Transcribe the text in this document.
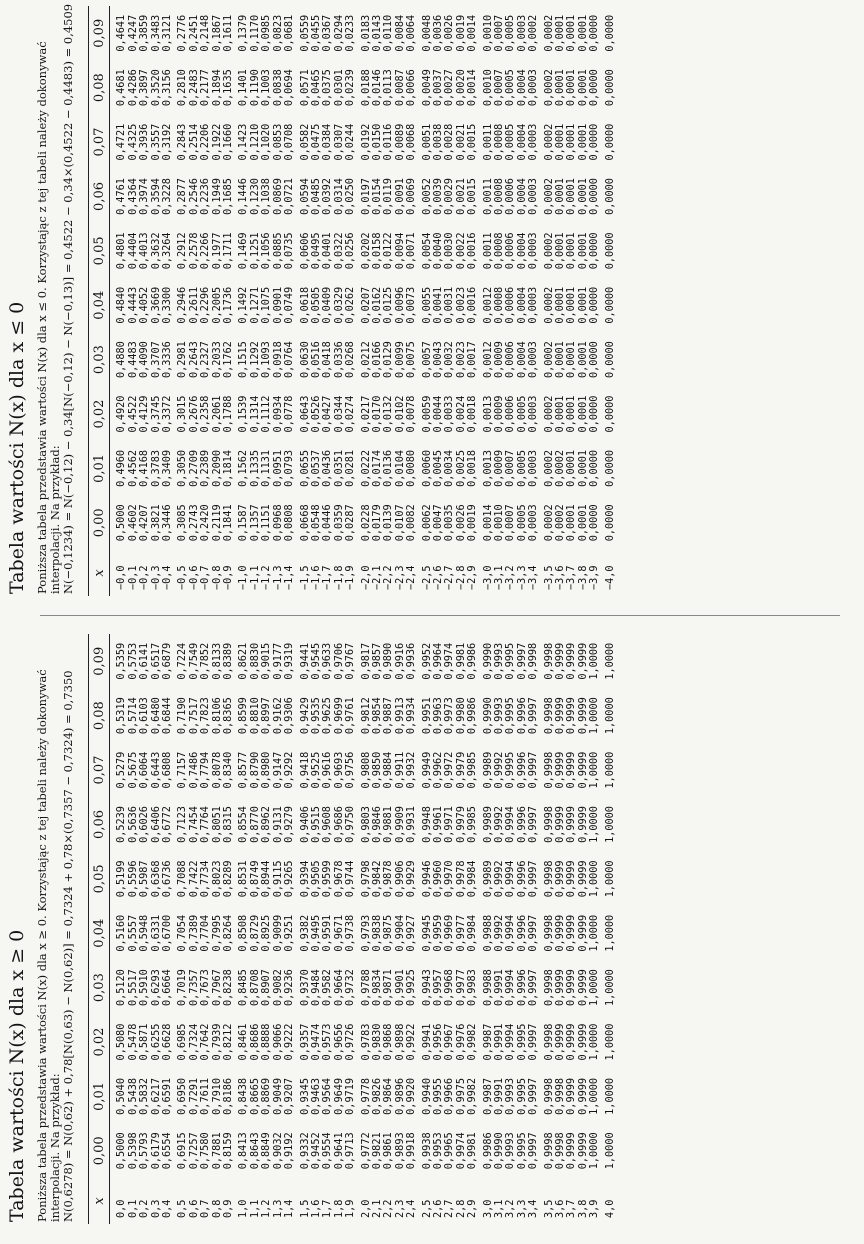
Tabela wartości N(x) dla x ≥ 0 Poniższa tabela przedstawia wartości N(x) dla x ≥ 0. Korzystając z tej tabeli należy dokonywać interpolacji. Na przykład: N(0,6278) = N(0,62) + 0,78[N(0,63) − N(0,62)] = 0,7324 + 0,78×(0,7357 − 0,7324) = 0,7350 x	0,00	0,01	0,02	0,03	0,04	0,05	0,06	0,07	0,08	0,09
0,0	0,5000	0,5040	0,5080	0,5120	0,5160	0,5199	0,5239	0,5279	0,5319	0,5359
0,1	0,5398	0,5438	0,5478	0,5517	0,5557	0,5596	0,5636	0,5675	0,5714	0,5753
0,2	0,5793	0,5832	0,5871	0,5910	0,5948	0,5987	0,6026	0,6064	0,6103	0,6141
0,3	0,6179	0,6217	0,6255	0,6293	0,6331	0,6368	0,6406	0,6443	0,6480	0,6517
0,4	0,6554	0,6591	0,6628	0,6664	0,6700	0,6736	0,6772	0,6808	0,6844	0,6879
0,5	0,6915	0,6950	0,6985	0,7019	0,7054	0,7088	0,7123	0,7157	0,7190	0,7224
0,6	0,7257	0,7291	0,7324	0,7357	0,7389	0,7422	0,7454	0,7486	0,7517	0,7549
0,7	0,7580	0,7611	0,7642	0,7673	0,7704	0,7734	0,7764	0,7794	0,7823	0,7852
0,8	0,7881	0,7910	0,7939	0,7967	0,7995	0,8023	0,8051	0,8078	0,8106	0,8133
0,9	0,8159	0,8186	0,8212	0,8238	0,8264	0,8289	0,8315	0,8340	0,8365	0,8389
1,0	0,8413	0,8438	0,8461	0,8485	0,8508	0,8531	0,8554	0,8577	0,8599	0,8621
1,1	0,8643	0,8665	0,8686	0,8708	0,8729	0,8749	0,8770	0,8790	0,8810	0,8830
1,2	0,8849	0,8869	0,8888	0,8907	0,8925	0,8944	0,8962	0,8980	0,8997	0,9015
1,3	0,9032	0,9049	0,9066	0,9082	0,9099	0,9115	0,9131	0,9147	0,9162	0,9177
1,4	0,9192	0,9207	0,9222	0,9236	0,9251	0,9265	0,9279	0,9292	0,9306	0,9319
1,5	0,9332	0,9345	0,9357	0,9370	0,9382	0,9394	0,9406	0,9418	0,9429	0,9441
1,6	0,9452	0,9463	0,9474	0,9484	0,9495	0,9505	0,9515	0,9525	0,9535	0,9545
1,7	0,9554	0,9564	0,9573	0,9582	0,9591	0,9599	0,9608	0,9616	0,9625	0,9633
1,8	0,9641	0,9649	0,9656	0,9664	0,9671	0,9678	0,9686	0,9693	0,9699	0,9706
1,9	0,9713	0,9719	0,9726	0,9732	0,9738	0,9744	0,9750	0,9756	0,9761	0,9767
2,0	0,9772	0,9778	0,9783	0,9788	0,9793	0,9798	0,9803	0,9808	0,9812	0,9817
2,1	0,9821	0,9826	0,9830	0,9834	0,9838	0,9842	0,9846	0,9850	0,9854	0,9857
2,2	0,9861	0,9864	0,9868	0,9871	0,9875	0,9878	0,9881	0,9884	0,9887	0,9890
2,3	0,9893	0,9896	0,9898	0,9901	0,9904	0,9906	0,9909	0,9911	0,9913	0,9916
2,4	0,9918	0,9920	0,9922	0,9925	0,9927	0,9929	0,9931	0,9932	0,9934	0,9936
2,5	0,9938	0,9940	0,9941	0,9943	0,9945	0,9946	0,9948	0,9949	0,9951	0,9952
2,6	0,9953	0,9955	0,9956	0,9957	0,9959	0,9960	0,9961	0,9962	0,9963	0,9964
2,7	0,9965	0,9966	0,9967	0,9968	0,9969	0,9970	0,9971	0,9972	0,9973	0,9974
2,8	0,9974	0,9975	0,9976	0,9977	0,9977	0,9978	0,9979	0,9979	0,9980	0,9981
2,9	0,9981	0,9982	0,9982	0,9983	0,9984	0,9984	0,9985	0,9985	0,9986	0,9986
3,0	0,9986	0,9987	0,9987	0,9988	0,9988	0,9989	0,9989	0,9989	0,9990	0,9990
3,1	0,9990	0,9991	0,9991	0,9991	0,9992	0,9992	0,9992	0,9992	0,9993	0,9993
3,2	0,9993	0,9993	0,9994	0,9994	0,9994	0,9994	0,9994	0,9995	0,9995	0,9995
3,3	0,9995	0,9995	0,9995	0,9996	0,9996	0,9996	0,9996	0,9996	0,9996	0,9997
3,4	0,9997	0,9997	0,9997	0,9997	0,9997	0,9997	0,9997	0,9997	0,9997	0,9998
3,5	0,9998	0,9998	0,9998	0,9998	0,9998	0,9998	0,9998	0,9998	0,9998	0,9998
3,6	0,9998	0,9998	0,9999	0,9999	0,9999	0,9999	0,9999	0,9999	0,9999	0,9999
3,7	0,9999	0,9999	0,9999	0,9999	0,9999	0,9999	0,9999	0,9999	0,9999	0,9999
3,8	0,9999	0,9999	0,9999	0,9999	0,9999	0,9999	0,9999	0,9999	0,9999	0,9999
3,9	1,0000	1,0000	1,0000	1,0000	1,0000	1,0000	1,0000	1,0000	1,0000	1,0000
4,0	1,0000	1,0000	1,0000	1,0000	1,0000	1,0000	1,0000	1,0000	1,0000	1,0000
Tabela wartości N(x) dla x ≤ 0 Poniższa tabela przedstawia wartości N(x) dla x ≤ 0. Korzystając z tej tabeli należy dokonywać interpolacji. Na przykład: N(−0,1234) = N(−0,12) − 0,34[N(−0,12) − N(−0,13)] = 0,4522 − 0,34×(0,4522 − 0,4483) = 0,4509 x	0,00	0,01	0,02	0,03	0,04	0,05	0,06	0,07	0,08	0,09
−0,0	0,5000	0,4960	0,4920	0,4880	0,4840	0,4801	0,4761	0,4721	0,4681	0,4641
−0,1	0,4602	0,4562	0,4522	0,4483	0,4443	0,4404	0,4364	0,4325	0,4286	0,4247
−0,2	0,4207	0,4168	0,4129	0,4090	0,4052	0,4013	0,3974	0,3936	0,3897	0,3859
−0,3	0,3821	0,3783	0,3745	0,3707	0,3669	0,3632	0,3594	0,3557	0,3520	0,3483
−0,4	0,3446	0,3409	0,3372	0,3336	0,3300	0,3264	0,3228	0,3192	0,3156	0,3121
−0,5	0,3085	0,3050	0,3015	0,2981	0,2946	0,2912	0,2877	0,2843	0,2810	0,2776
−0,6	0,2743	0,2709	0,2676	0,2643	0,2611	0,2578	0,2546	0,2514	0,2483	0,2451
−0,7	0,2420	0,2389	0,2358	0,2327	0,2296	0,2266	0,2236	0,2206	0,2177	0,2148
−0,8	0,2119	0,2090	0,2061	0,2033	0,2005	0,1977	0,1949	0,1922	0,1894	0,1867
−0,9	0,1841	0,1814	0,1788	0,1762	0,1736	0,1711	0,1685	0,1660	0,1635	0,1611
−1,0	0,1587	0,1562	0,1539	0,1515	0,1492	0,1469	0,1446	0,1423	0,1401	0,1379
−1,1	0,1357	0,1335	0,1314	0,1292	0,1271	0,1251	0,1230	0,1210	0,1190	0,1170
−1,2	0,1151	0,1131	0,1112	0,1093	0,1075	0,1056	0,1038	0,1020	0,1003	0,0985
−1,3	0,0968	0,0951	0,0934	0,0918	0,0901	0,0885	0,0869	0,0853	0,0838	0,0823
−1,4	0,0808	0,0793	0,0778	0,0764	0,0749	0,0735	0,0721	0,0708	0,0694	0,0681
−1,5	0,0668	0,0655	0,0643	0,0630	0,0618	0,0606	0,0594	0,0582	0,0571	0,0559
−1,6	0,0548	0,0537	0,0526	0,0516	0,0505	0,0495	0,0485	0,0475	0,0465	0,0455
−1,7	0,0446	0,0436	0,0427	0,0418	0,0409	0,0401	0,0392	0,0384	0,0375	0,0367
−1,8	0,0359	0,0351	0,0344	0,0336	0,0329	0,0322	0,0314	0,0307	0,0301	0,0294
−1,9	0,0287	0,0281	0,0274	0,0268	0,0262	0,0256	0,0250	0,0244	0,0239	0,0233
−2,0	0,0228	0,0222	0,0217	0,0212	0,0207	0,0202	0,0197	0,0192	0,0188	0,0183
−2,1	0,0179	0,0174	0,0170	0,0166	0,0162	0,0158	0,0154	0,0150	0,0146	0,0143
−2,2	0,0139	0,0136	0,0132	0,0129	0,0125	0,0122	0,0119	0,0116	0,0113	0,0110
−2,3	0,0107	0,0104	0,0102	0,0099	0,0096	0,0094	0,0091	0,0089	0,0087	0,0084
−2,4	0,0082	0,0080	0,0078	0,0075	0,0073	0,0071	0,0069	0,0068	0,0066	0,0064
−2,5	0,0062	0,0060	0,0059	0,0057	0,0055	0,0054	0,0052	0,0051	0,0049	0,0048
−2,6	0,0047	0,0045	0,0044	0,0043	0,0041	0,0040	0,0039	0,0038	0,0037	0,0036
−2,7	0,0035	0,0034	0,0033	0,0032	0,0031	0,0030	0,0029	0,0028	0,0027	0,0026
−2,8	0,0026	0,0025	0,0024	0,0023	0,0023	0,0022	0,0021	0,0021	0,0020	0,0019
−2,9	0,0019	0,0018	0,0018	0,0017	0,0016	0,0016	0,0015	0,0015	0,0014	0,0014
−3,0	0,0014	0,0013	0,0013	0,0012	0,0012	0,0011	0,0011	0,0011	0,0010	0,0010
−3,1	0,0010	0,0009	0,0009	0,0009	0,0008	0,0008	0,0008	0,0008	0,0007	0,0007
−3,2	0,0007	0,0007	0,0006	0,0006	0,0006	0,0006	0,0006	0,0005	0,0005	0,0005
−3,3	0,0005	0,0005	0,0005	0,0004	0,0004	0,0004	0,0004	0,0004	0,0004	0,0003
−3,4	0,0003	0,0003	0,0003	0,0003	0,0003	0,0003	0,0003	0,0003	0,0003	0,0002
−3,5	0,0002	0,0002	0,0002	0,0002	0,0002	0,0002	0,0002	0,0002	0,0002	0,0002
−3,6	0,0002	0,0002	0,0001	0,0001	0,0001	0,0001	0,0001	0,0001	0,0001	0,0001
−3,7	0,0001	0,0001	0,0001	0,0001	0,0001	0,0001	0,0001	0,0001	0,0001	0,0001
−3,8	0,0001	0,0001	0,0001	0,0001	0,0001	0,0001	0,0001	0,0001	0,0001	0,0001
−3,9	0,0000	0,0000	0,0000	0,0000	0,0000	0,0000	0,0000	0,0000	0,0000	0,0000
−4,0	0,0000	0,0000	0,0000	0,0000	0,0000	0,0000	0,0000	0,0000	0,0000	0,0000
